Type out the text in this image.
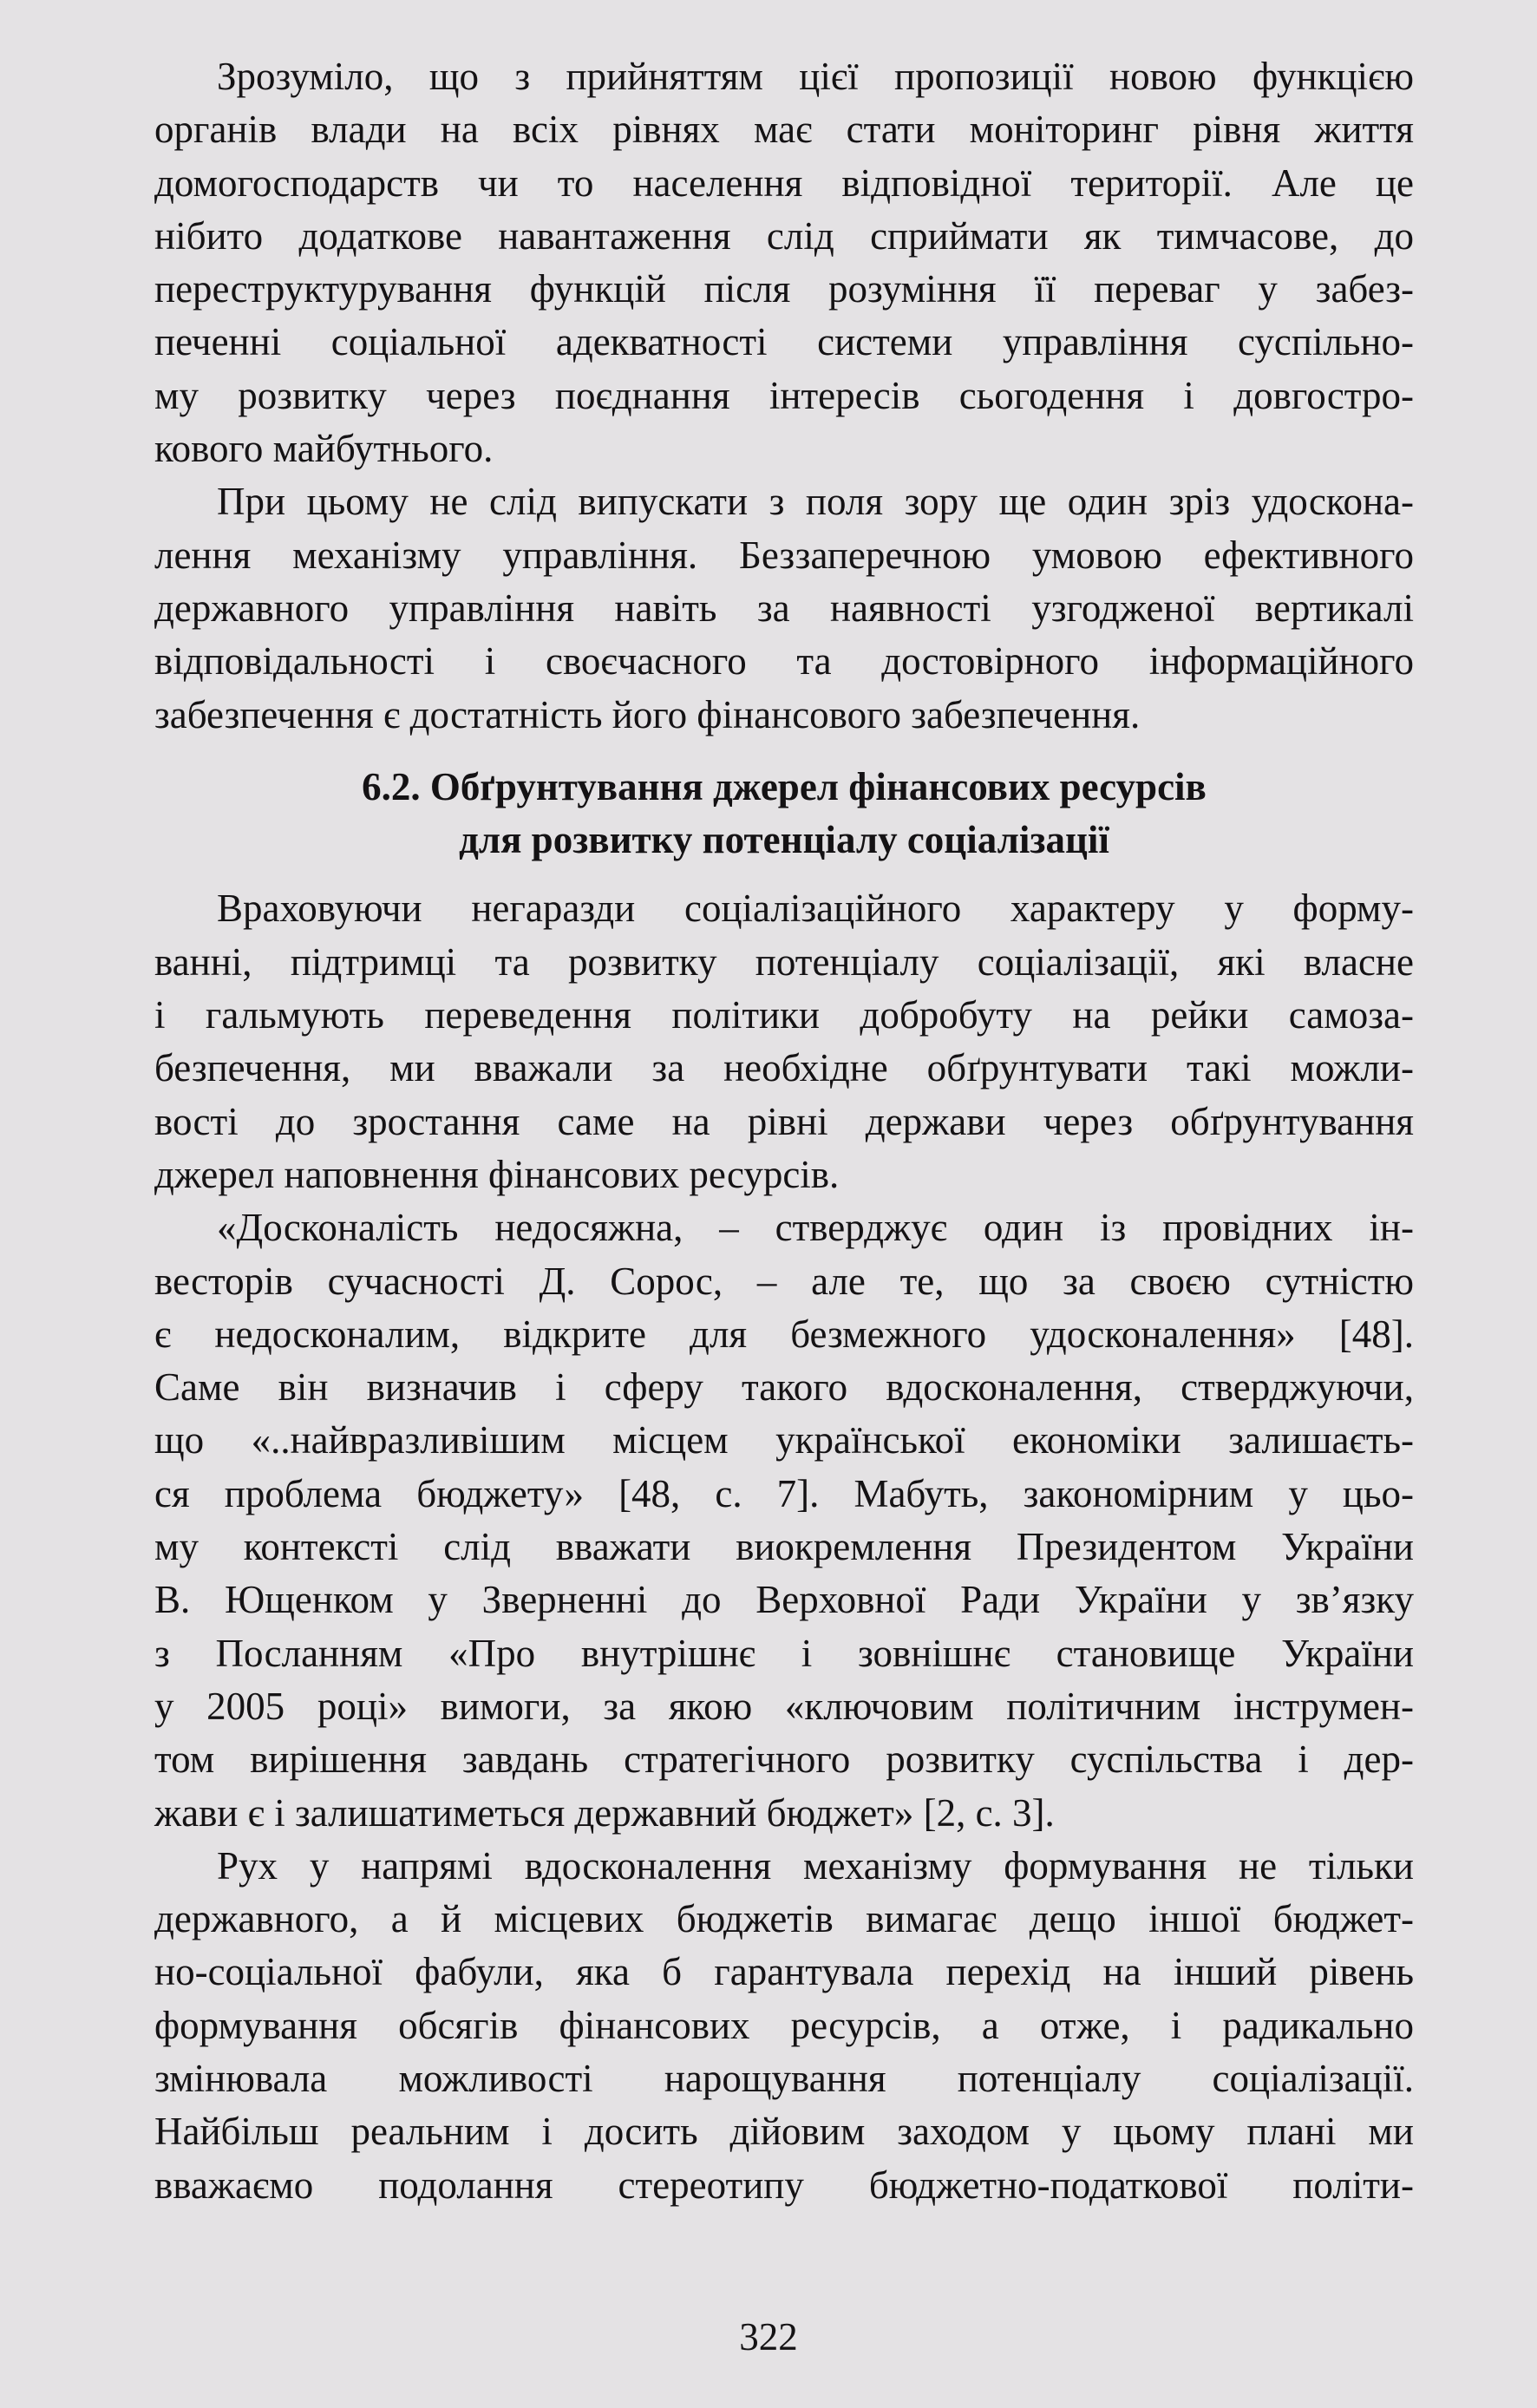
Зрозуміло, що з прийняттям цієї пропозиції новою функцією
органів влади на всіх рівнях має стати моніторинг рівня життя
домогосподарств чи то населення відповідної території. Але це
нібито додаткове навантаження слід сприймати як тимчасове, до
переструктурування функцій після розуміння її переваг у забез-
печенні соціальної адекватності системи управління суспільно-
му розвитку через поєднання інтересів сьогодення і довгостро-
кового майбутнього.
При цьому не слід випускати з поля зору ще один зріз удоскона-
лення механізму управління. Беззаперечною умовою ефективного
державного управління навіть за наявності узгодженої вертикалі
відповідальності і своєчасного та достовірного інформаційного
забезпечення є достатність його фінансового забезпечення.
6.2. Обґрунтування джерел фінансових ресурсів
для розвитку потенціалу соціалізації
Враховуючи негаразди соціалізаційного характеру у форму-
ванні, підтримці та розвитку потенціалу соціалізації, які власне
і гальмують переведення політики добробуту на рейки самоза-
безпечення, ми вважали за необхідне обґрунтувати такі можли-
вості до зростання саме на рівні держави через обґрунтування
джерел наповнення фінансових ресурсів.
«Досконалість недосяжна, – стверджує один із провідних ін-
весторів сучасності Д. Сорос, – але те, що за своєю сутністю
є недосконалим, відкрите для безмежного удосконалення» [48].
Саме він визначив і сферу такого вдосконалення, стверджуючи,
що «..найвразливішим місцем української економіки залишаєть-
ся проблема бюджету» [48, с. 7]. Мабуть, закономірним у цьо-
му контексті слід вважати виокремлення Президентом України
В. Ющенком у Зверненні до Верховної Ради України у зв’язку
з Посланням «Про внутрішнє і зовнішнє становище України
у 2005 році» вимоги, за якою «ключовим політичним інструмен-
том вирішення завдань стратегічного розвитку суспільства і дер-
жави є і залишатиметься державний бюджет» [2, с. 3].
Рух у напрямі вдосконалення механізму формування не тільки
державного, а й місцевих бюджетів вимагає дещо іншої бюджет-
но-соціальної фабули, яка б гарантувала перехід на інший рівень
формування обсягів фінансових ресурсів, а отже, і радикально
змінювала можливості нарощування потенціалу соціалізації.
Найбільш реальним і досить дійовим заходом у цьому плані ми
вважаємо подолання стереотипу бюджетно-податкової політи-
322
